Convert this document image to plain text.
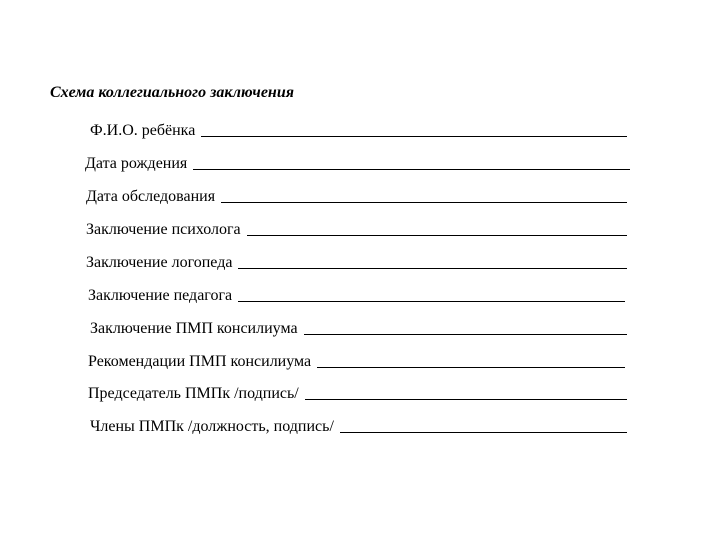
Схема коллегиального заключения
Ф.И.О. ребёнка
Дата рождения
Дата обследования
Заключение психолога
Заключение логопеда
Заключение педагога
Заключение ПМП консилиума
Рекомендации ПМП консилиума
Председатель ПМПк /подпись/
Члены ПМПк /должность, подпись/
